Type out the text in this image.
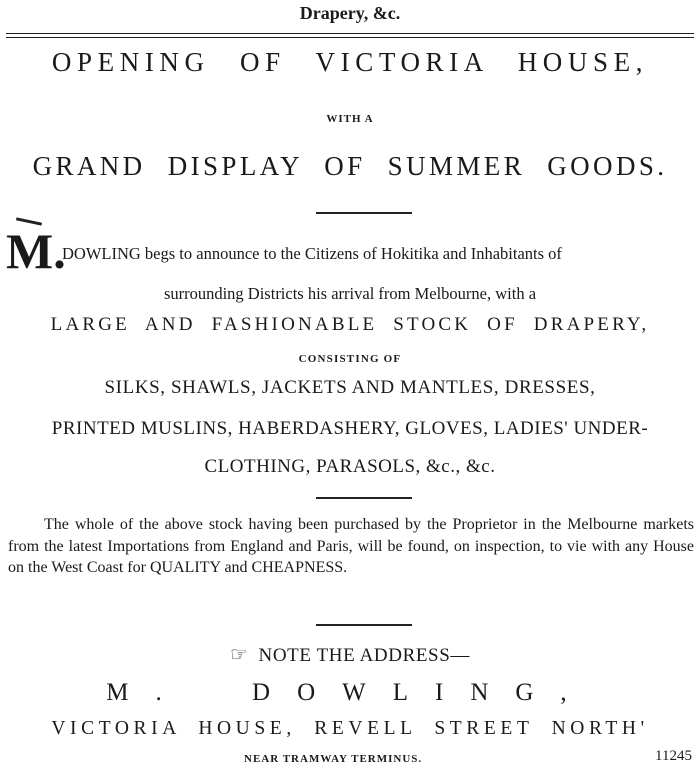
Drapery, &c.
OPENING OF VICTORIA HOUSE,
WITH A
GRAND DISPLAY OF SUMMER GOODS.
M.
DOWLING begs to announce to the Citizens of Hokitika and Inhabitants of
surrounding Districts his arrival from Melbourne, with a
LARGE AND FASHIONABLE STOCK OF DRAPERY,
CONSISTING OF
SILKS, SHAWLS, JACKETS AND MANTLES, DRESSES,
PRINTED MUSLINS, HABERDASHERY, GLOVES, LADIES' UNDER-
CLOTHING, PARASOLS, &c., &c.
The whole of the above stock having been purchased by the Proprietor in the Melbourne markets from the latest Importations from England and Paris, will be found, on inspection, to vie with any House on the West Coast for QUALITY and CHEAPNESS.
☞ NOTE THE ADDRESS—
M. DOWLING,
VICTORIA HOUSE, REVELL STREET NORTH'
NEAR TRAMWAY TERMINUS.	11245
